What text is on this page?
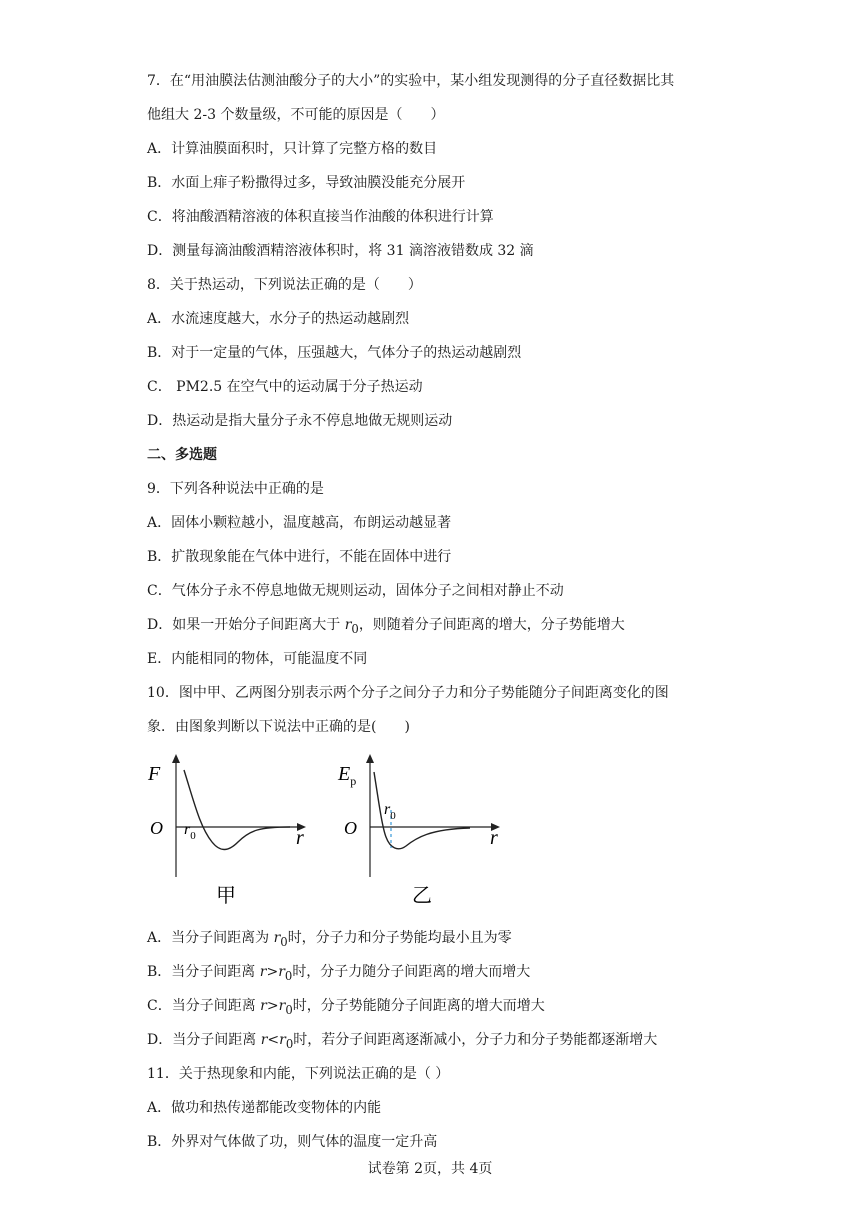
7．在“用油膜法估测油酸分子的大小”的实验中，某小组发现测得的分子直径数据比其
他组大 2-3 个数量级，不可能的原因是（　　）
A．计算油膜面积时，只计算了完整方格的数目
B．水面上痱子粉撒得过多，导致油膜没能充分展开
C．将油酸酒精溶液的体积直接当作油酸的体积进行计算
D．测量每滴油酸酒精溶液体积时，将 31 滴溶液错数成 32 滴
8．关于热运动，下列说法正确的是（　　）
A．水流速度越大，水分子的热运动越剧烈
B．对于一定量的气体，压强越大，气体分子的热运动越剧烈
C． PM2.5 在空气中的运动属于分子热运动
D．热运动是指大量分子永不停息地做无规则运动
二、多选题
9．下列各种说法中正确的是
A．固体小颗粒越小，温度越高，布朗运动越显著
B．扩散现象能在气体中进行，不能在固体中进行
C．气体分子永不停息地做无规则运动，固体分子之间相对静止不动
D．如果一开始分子间距离大于 $r_0$，则随着分子间距离的增大，分子势能增大
E．内能相同的物体，可能温度不同
10．图中甲、乙两图分别表示两个分子之间分子力和分子势能随分子间距离变化的图
象．由图象判断以下说法中正确的是(　　)
F
O	r
$r_0$
甲
$E_p$
O	r
$r_0$
乙
A．当分子间距离为 $r_0$时，分子力和分子势能均最小且为零
B．当分子间距离 $r>r_0$时，分子力随分子间距离的增大而增大
C．当分子间距离 $r>r_0$时，分子势能随分子间距离的增大而增大
D．当分子间距离 $r<r_0$时，若分子间距离逐渐减小，分子力和分子势能都逐渐增大
11．关于热现象和内能，下列说法正确的是（ ）
A．做功和热传递都能改变物体的内能
B．外界对气体做了功，则气体的温度一定升高
试卷第 2页，共 4页
